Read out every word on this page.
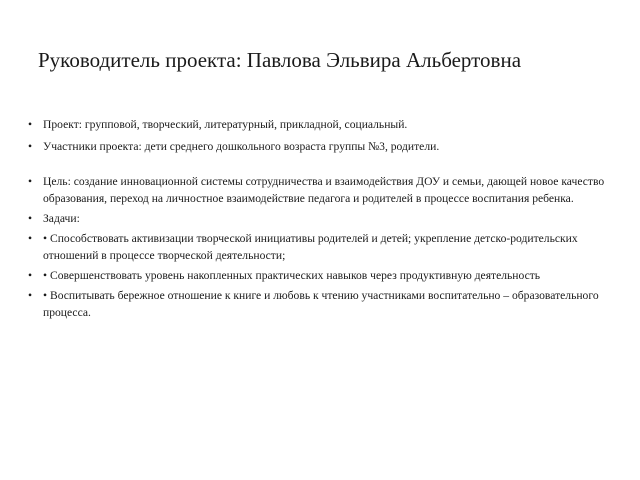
Руководитель проекта: Павлова Эльвира Альбертовна
• Проект: групповой, творческий, литературный, прикладной, социальный.
• Участники проекта: дети среднего дошкольного возраста группы №3, родители.
• Цель: создание инновационной системы сотрудничества и взаимодействия ДОУ и семьи, дающей новое качество образования, переход на личностное взаимодействие педагога и родителей в процессе воспитания ребенка.
• Задачи:
• • Способствовать активизации творческой инициативы родителей и детей; укрепление детско-родительских отношений в процессе творческой деятельности;
• • Совершенствовать уровень накопленных практических навыков через продуктивную деятельность
• • Воспитывать бережное отношение к книге и любовь к чтению участниками воспитательно – образовательного процесса.
